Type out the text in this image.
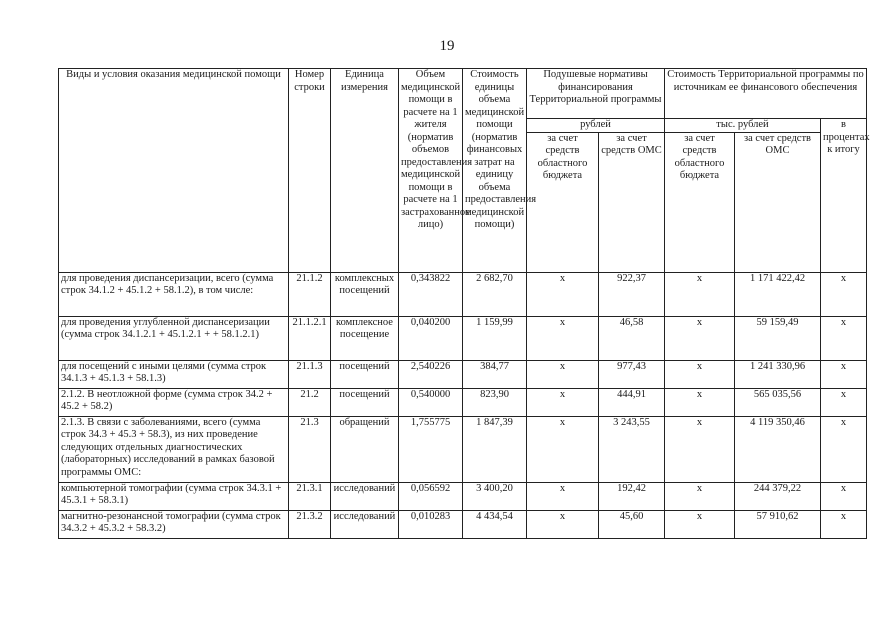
19
Виды и условия оказания медицинской помощи	Номер строки	Единица измерения	Объем медицинской помощи в расчете на 1 жителя (норматив объемов предоставления медицинской помощи в расчете на 1 застрахованное лицо)	Стоимость единицы объема медицинской помощи (норматив финансовых затрат на единицу объема предоставления медицинской помощи)	Подушевые нормативы финансирования Территориальной программы		Стоимость Территориальной программы по источникам ее финансового обеспечения		
					рублей		тыс. рублей		в процентах к итогу
					за счет средств областного бюджета	за счет средств ОМС	за счет средств областного бюджета	за счет средств ОМС	
для проведения диспансеризации, всего (сумма строк 34.1.2 + 45.1.2 + 58.1.2), в том числе:	21.1.2	комплексных посещений	0,343822	2 682,70	x	922,37	x	1 171 422,42	x
для проведения углубленной диспансеризации (сумма строк 34.1.2.1 + 45.1.2.1 + + 58.1.2.1)	21.1.2.1	комплексное посещение	0,040200	1 159,99	x	46,58	x	59 159,49	x
для посещений с иными целями (сумма строк 34.1.3 + 45.1.3 + 58.1.3)	21.1.3	посещений	2,540226	384,77	x	977,43	x	1 241 330,96	x
2.1.2. В неотложной форме (сумма строк 34.2 + 45.2 + 58.2)	21.2	посещений	0,540000	823,90	x	444,91	x	565 035,56	x
2.1.3. В связи с заболеваниями, всего (сумма строк 34.3 + 45.3 + 58.3), из них проведение следующих отдельных диагностических (лабораторных) исследований в рамках базовой программы ОМС:	21.3	обращений	1,755775	1 847,39	x	3 243,55	x	4 119 350,46	x
компьютерной томографии (сумма строк 34.3.1 + 45.3.1 + 58.3.1)	21.3.1	исследований	0,056592	3 400,20	x	192,42	x	244 379,22	x
магнитно-резонансной томографии (сумма строк 34.3.2 + 45.3.2 + 58.3.2)	21.3.2	исследований	0,010283	4 434,54	x	45,60	x	57 910,62	x
